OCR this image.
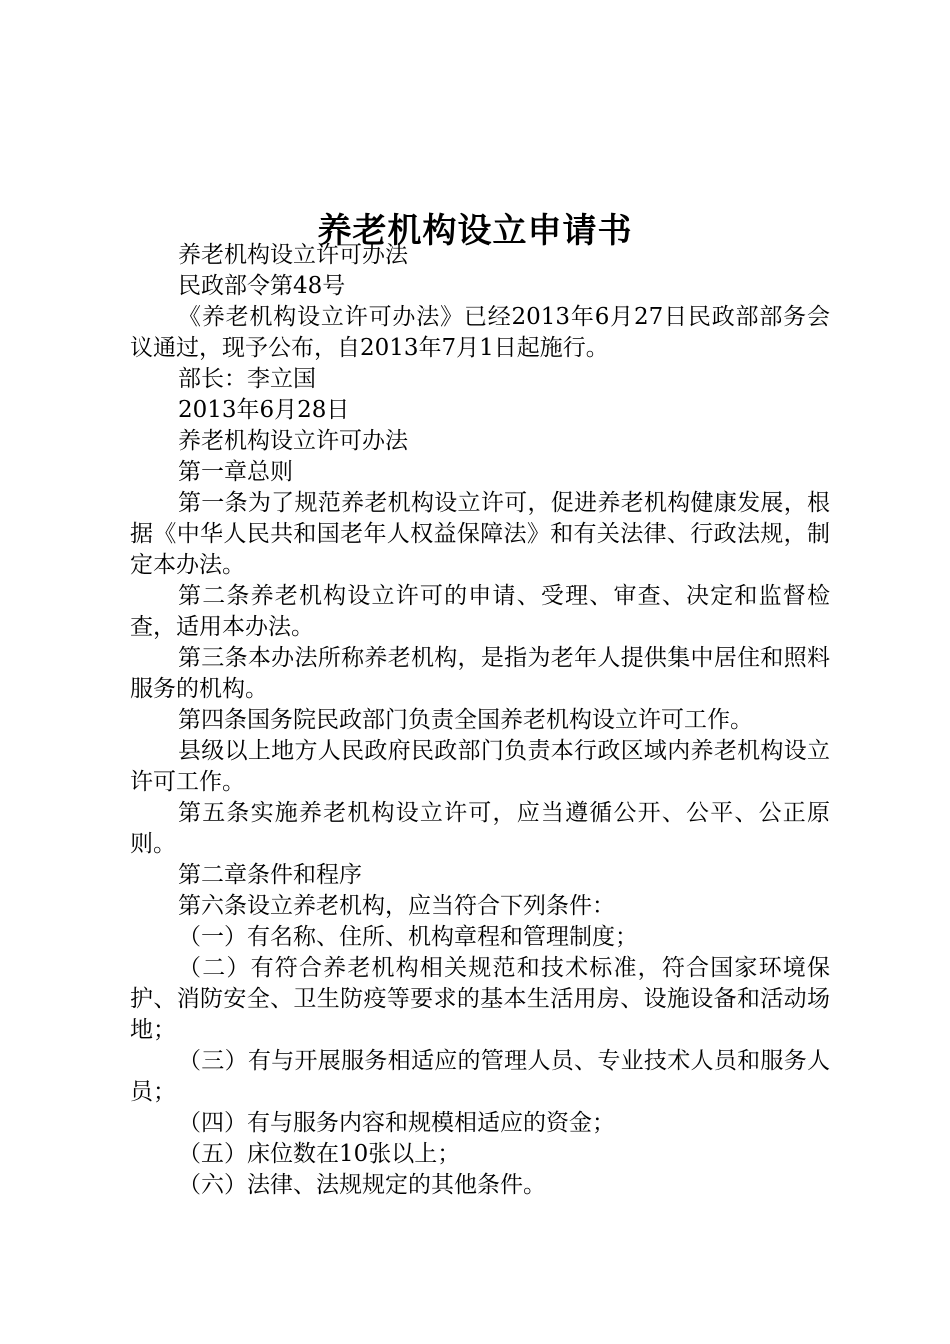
养老机构设立申请书

养老机构设立许可办法

民政部令第48号

《养老机构设立许可办法》已经2013年6月27日民政部部务会议通过，现予公布，自2013年7月1日起施行。

部长：李立国

2013年6月28日

养老机构设立许可办法

第一章总则

第一条为了规范养老机构设立许可，促进养老机构健康发展，根据《中华人民共和国老年人权益保障法》和有关法律、行政法规，制定本办法。

第二条养老机构设立许可的申请、受理、审查、决定和监督检查，适用本办法。

第三条本办法所称养老机构，是指为老年人提供集中居住和照料服务的机构。

第四条国务院民政部门负责全国养老机构设立许可工作。

县级以上地方人民政府民政部门负责本行政区域内养老机构设立许可工作。

第五条实施养老机构设立许可，应当遵循公开、公平、公正原则。

第二章条件和程序

第六条设立养老机构，应当符合下列条件：

（一）有名称、住所、机构章程和管理制度；

（二）有符合养老机构相关规范和技术标准，符合国家环境保护、消防安全、卫生防疫等要求的基本生活用房、设施设备和活动场地；

（三）有与开展服务相适应的管理人员、专业技术人员和服务人员；

（四）有与服务内容和规模相适应的资金；

（五）床位数在10张以上；

（六）法律、法规规定的其他条件。
